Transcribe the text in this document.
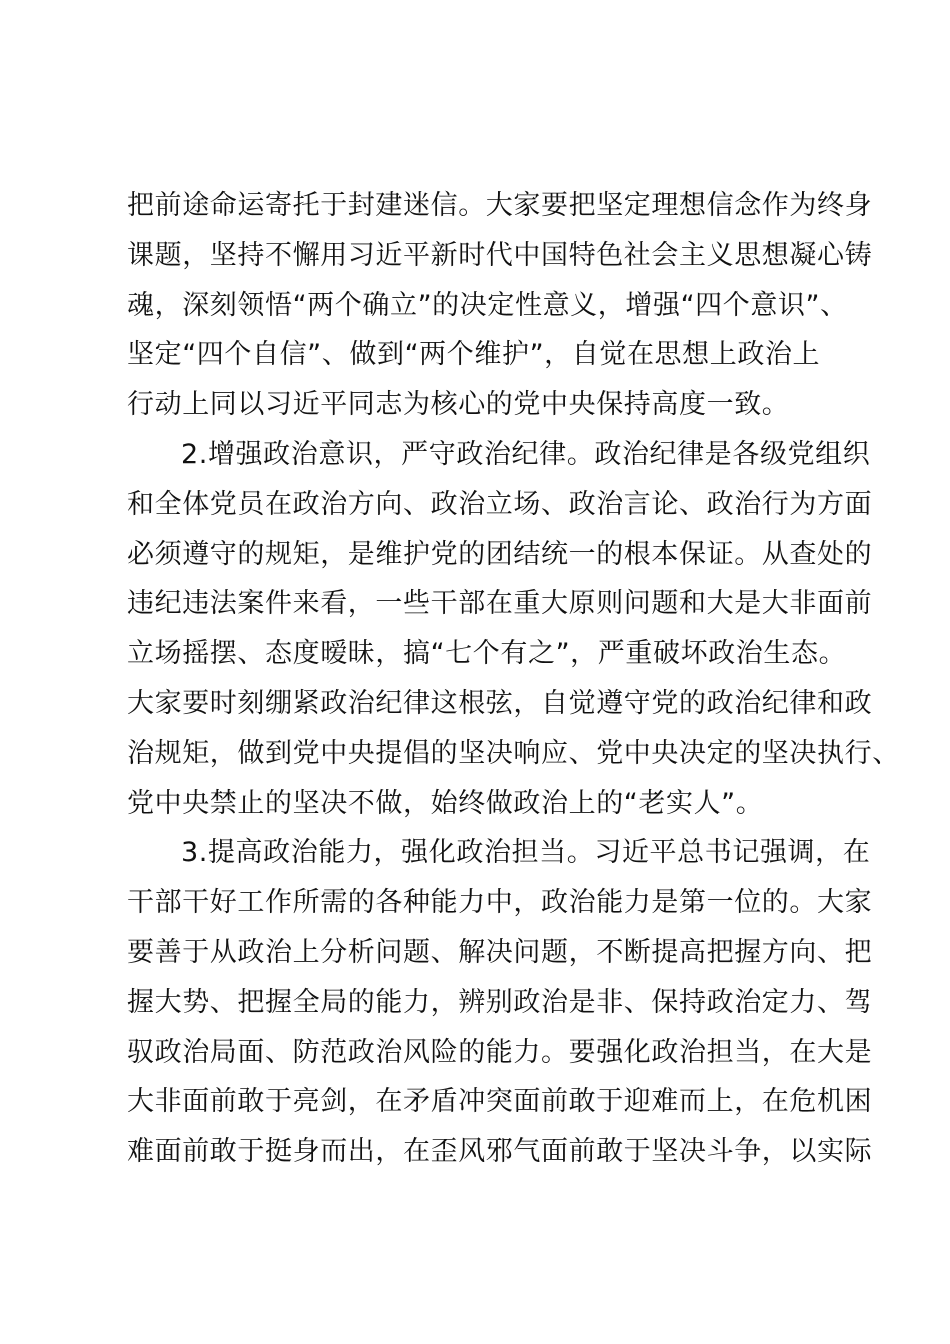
把前途命运寄托于封建迷信。大家要把坚定理想信念作为终身
课题，坚持不懈用习近平新时代中国特色社会主义思想凝心铸
魂，深刻领悟“两个确立”的决定性意义，增强“四个意识”、
坚定“四个自信”、做到“两个维护”，自觉在思想上政治上
行动上同以习近平同志为核心的党中央保持高度一致。
2.增强政治意识，严守政治纪律。政治纪律是各级党组织
和全体党员在政治方向、政治立场、政治言论、政治行为方面
必须遵守的规矩，是维护党的团结统一的根本保证。从查处的
违纪违法案件来看，一些干部在重大原则问题和大是大非面前
立场摇摆、态度暧昧，搞“七个有之”，严重破坏政治生态。
大家要时刻绷紧政治纪律这根弦，自觉遵守党的政治纪律和政
治规矩，做到党中央提倡的坚决响应、党中央决定的坚决执行、
党中央禁止的坚决不做，始终做政治上的“老实人”。
3.提高政治能力，强化政治担当。习近平总书记强调，在
干部干好工作所需的各种能力中，政治能力是第一位的。大家
要善于从政治上分析问题、解决问题，不断提高把握方向、把
握大势、把握全局的能力，辨别政治是非、保持政治定力、驾
驭政治局面、防范政治风险的能力。要强化政治担当，在大是
大非面前敢于亮剑，在矛盾冲突面前敢于迎难而上，在危机困
难面前敢于挺身而出，在歪风邪气面前敢于坚决斗争，以实际
